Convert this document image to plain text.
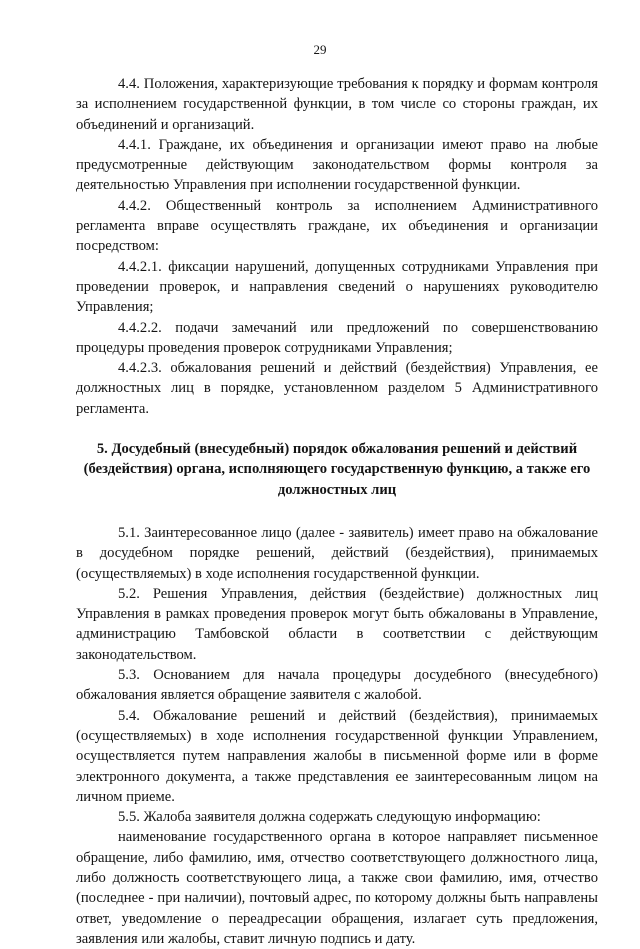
29

4.4. Положения, характеризующие требования к порядку и формам контроля за исполнением государственной функции, в том числе со стороны граждан, их объединений и организаций.

4.4.1. Граждане, их объединения и организации имеют право на любые предусмотренные действующим законодательством формы контроля за деятельностью Управления при исполнении государственной функции.

4.4.2. Общественный контроль за исполнением Административного регламента вправе осуществлять граждане, их объединения и организации посредством:

4.4.2.1. фиксации нарушений, допущенных сотрудниками Управления при проведении проверок, и направления сведений о нарушениях руководителю Управления;

4.4.2.2. подачи замечаний или предложений по совершенствованию процедуры проведения проверок сотрудниками Управления;

4.4.2.3. обжалования решений и действий (бездействия) Управления, ее должностных лиц в порядке, установленном разделом 5 Административного регламента.

5. Досудебный (внесудебный) порядок обжалования решений и действий (бездействия) органа, исполняющего государственную функцию, а также его должностных лиц

5.1. Заинтересованное лицо (далее - заявитель) имеет право на обжалование в досудебном порядке решений, действий (бездействия), принимаемых (осуществляемых) в ходе исполнения государственной функции.

5.2. Решения Управления, действия (бездействие) должностных лиц Управления в рамках проведения проверок могут быть обжалованы в Управление, администрацию Тамбовской области в соответствии с действующим законодательством.

5.3. Основанием для начала процедуры досудебного (внесудебного) обжалования является обращение заявителя с жалобой.

5.4. Обжалование решений и действий (бездействия), принимаемых (осуществляемых) в ходе исполнения государственной функции Управлением, осуществляется путем направления жалобы в письменной форме или в форме электронного документа, а также представления ее заинтересованным лицом на личном приеме.

5.5. Жалоба заявителя должна содержать следующую информацию:

наименование государственного органа в которое направляет письменное обращение, либо фамилию, имя, отчество соответствующего должностного лица, либо должность соответствующего лица, а также свои фамилию, имя, отчество (последнее - при наличии), почтовый адрес, по которому должны быть направлены ответ, уведомление о переадресации обращения, излагает суть предложения, заявления или жалобы, ставит личную подпись и дату.
